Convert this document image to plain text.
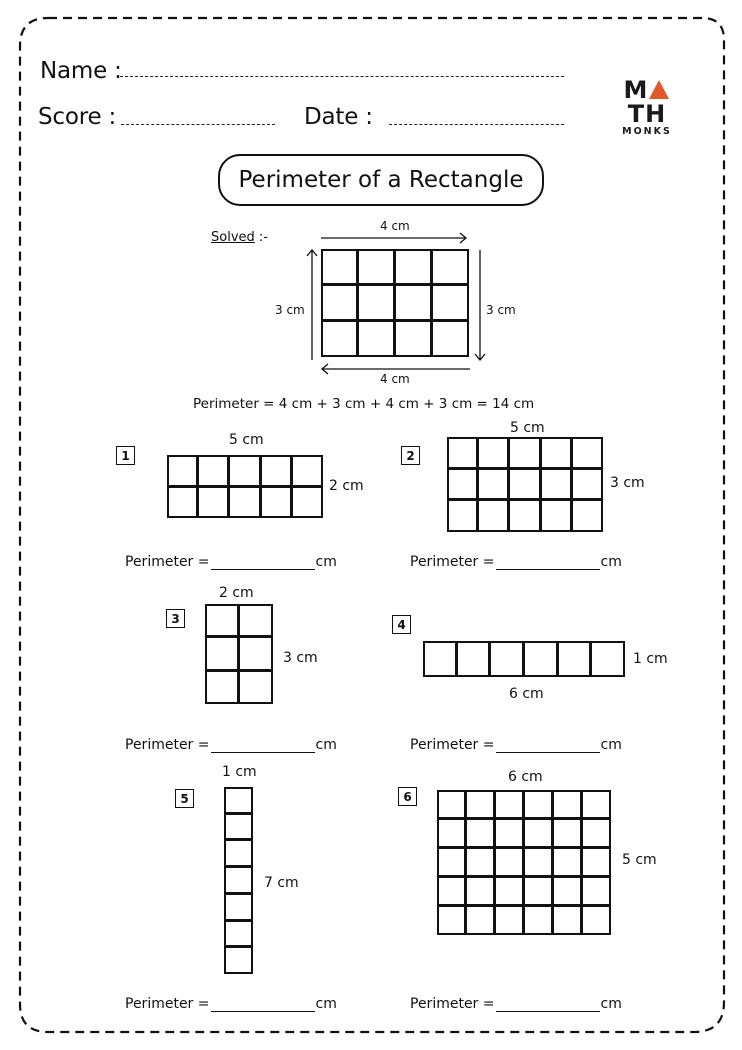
Name :
Score :	Date :
MTH
MONKS
Perimeter of a Rectangle
Solved :-
4 cm
4 cm
3 cm	3 cm
Perimeter = 4 cm + 3 cm + 4 cm + 3 cm = 14 cm
1
5 cm
2 cm
Perimeter =	cm
2
5 cm
3 cm
Perimeter =	cm
3
2 cm
3 cm
Perimeter =	cm
4
6 cm
1 cm
Perimeter =	cm
5
1 cm
7 cm
Perimeter =	cm
6
6 cm
5 cm
Perimeter =	cm
